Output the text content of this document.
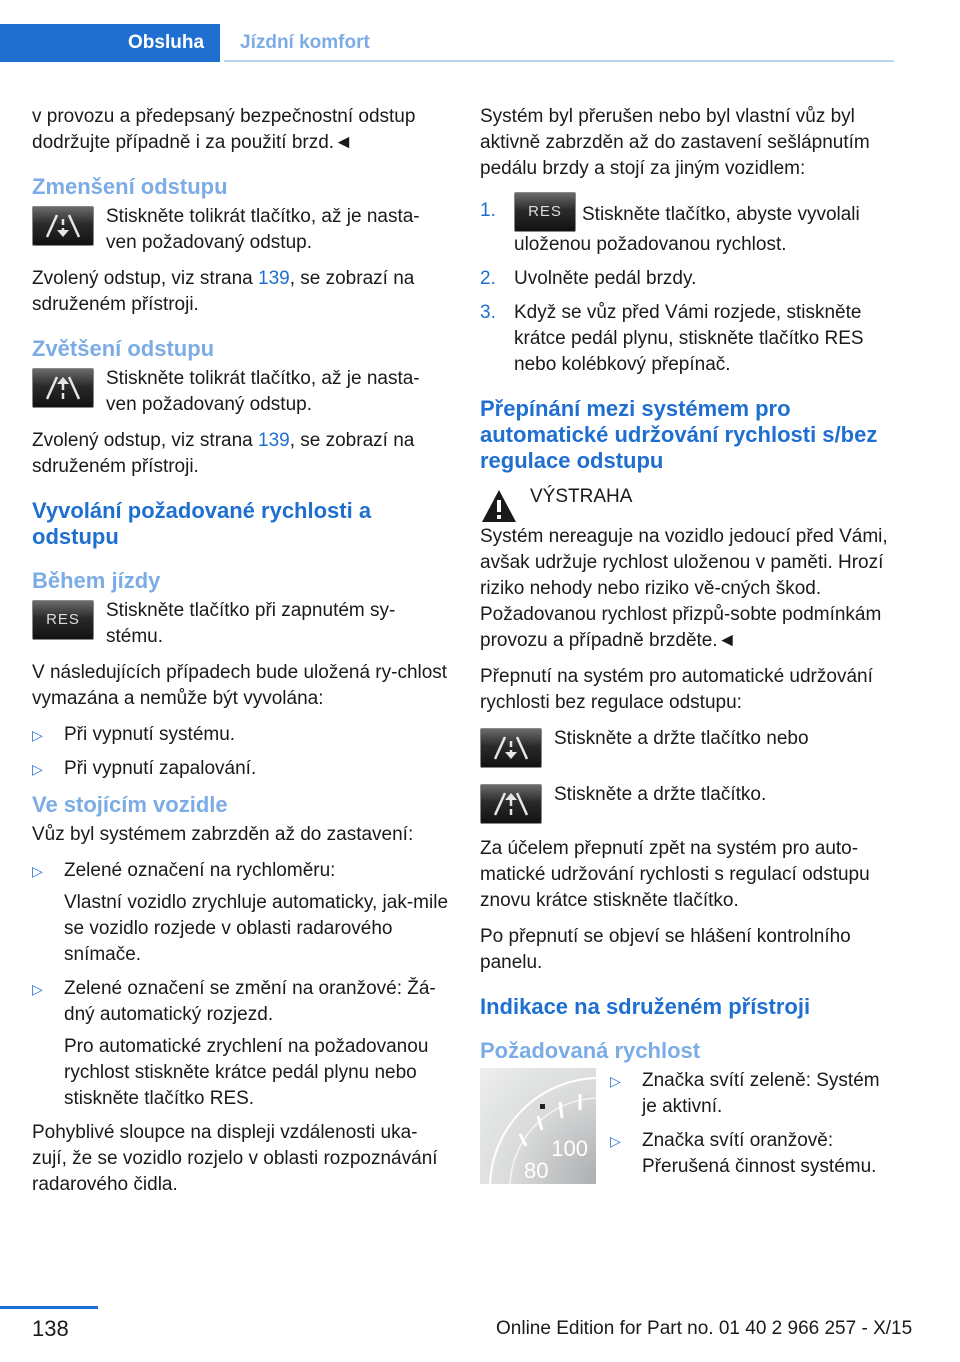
Obsluha	Jízdní komfort

v provozu a předepsaný bezpečnostní odstup dodržujte případně i za použití brzd.◄

Zmenšení odstupu
Stiskněte tolikrát tlačítko, až je nasta-ven požadovaný odstup.

Zvolený odstup, viz strana 139, se zobrazí na sdruženém přístroji.

Zvětšení odstupu
Stiskněte tolikrát tlačítko, až je nasta-ven požadovaný odstup.

Zvolený odstup, viz strana 139, se zobrazí na sdruženém přístroji.

Vyvolání požadované rychlosti a odstupu
Během jízdy
RES	Stiskněte tlačítko při zapnutém sy-stému.

V následujících případech bude uložená ry-chlost vymazána a nemůže být vyvolána:

▷	Při vypnutí systému.
▷	Při vypnutí zapalování.
Ve stojícím vozidle

Vůz byl systémem zabrzděn až do zastavení:

▷	Zelené označení na rychloměru:
Vlastní vozidlo zrychluje automaticky, jak-mile se vozidlo rozjede v oblasti radarového snímače.
▷	Zelené označení se změní na oranžové: Žá-dný automatický rozjezd.
Pro automatické zrychlení na požadovanou rychlost stiskněte krátce pedál plynu nebo stiskněte tlačítko RES.

Pohyblivé sloupce na displeji vzdálenosti uka-zují, že se vozidlo rozjelo v oblasti rozpoznávání radarového čidla.

Systém byl přerušen nebo byl vlastní vůz byl aktivně zabrzděn až do zastavení sešlápnutím pedálu brzdy a stojí za jiným vozidlem:

1.	RES Stiskněte tlačítko, abyste vyvolali uloženou požadovanou rychlost.
2. Uvolněte pedál brzdy.
3. Když se vůz před Vámi rozjede, stiskněte krátce pedál plynu, stiskněte tlačítko RES nebo kolébkový přepínač.
Přepínání mezi systémem pro automatické udržování rychlosti s/bez regulace odstupu
VÝSTRAHA

Systém nereaguje na vozidlo jedoucí před Vámi, avšak udržuje rychlost uloženou v paměti. Hrozí riziko nehody nebo riziko vě-cných škod. Požadovanou rychlost přizpů-sobte podmínkám provozu a případně brzděte.◄

Přepnutí na systém pro automatické udržování rychlosti bez regulace odstupu:

Stiskněte a držte tlačítko nebo
Stiskněte a držte tlačítko.

Za účelem přepnutí zpět na systém pro auto-matické udržování rychlosti s regulací odstupu znovu krátce stiskněte tlačítko.

Po přepnutí se objeví se hlášení kontrolního panelu.

Indikace na sdruženém přístroji
Požadovaná rychlost
100
80
▷	Značka svítí zeleně: Systém je aktivní.
▷	Značka svítí oranžově: Přerušená činnost systému.
138	Online Edition for Part no. 01 40 2 966 257 - X/15
